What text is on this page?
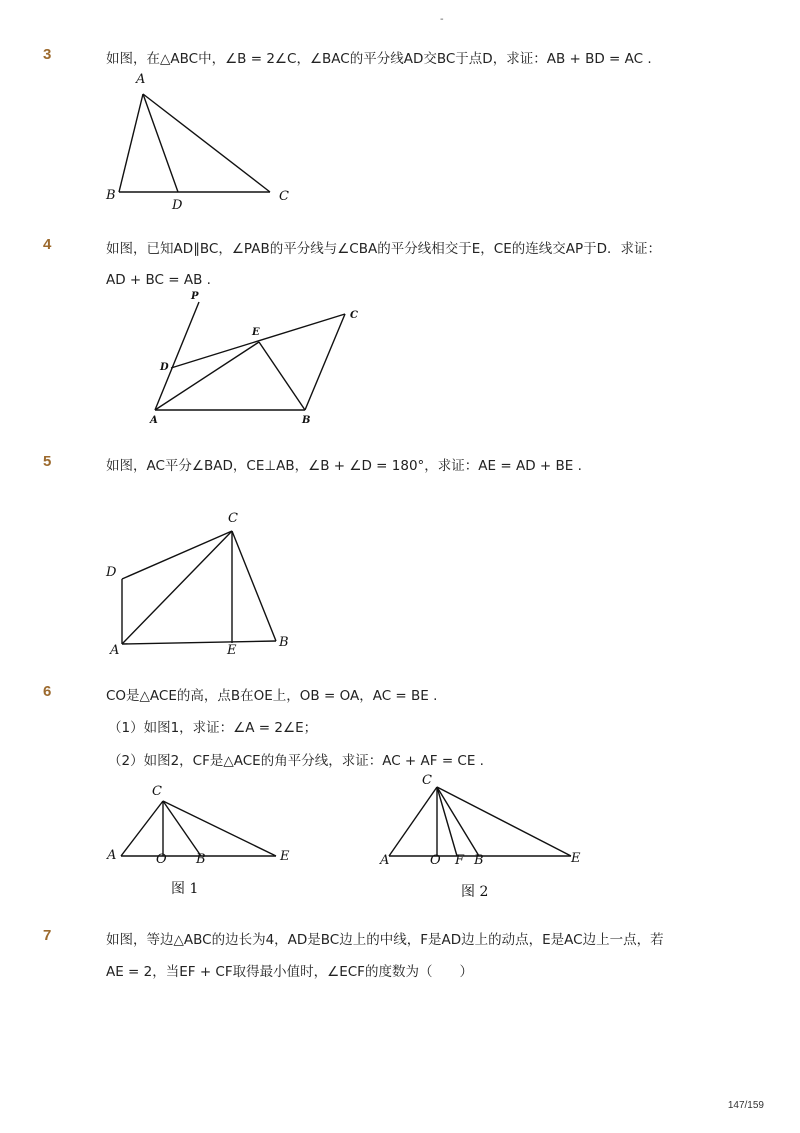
-
3	如图，在△ABC中，∠B = 2∠C，∠BAC的平分线AD交BC于点D，求证：AB + BD = AC .
A
B	C
D
4	如图，已知AD∥BC，∠PAB的平分线与∠CBA的平分线相交于E，CE的连线交AP于D．求证：
AD + BC = AB .
P
E
C
D
A	B
5	如图，AC平分∠BAD，CE⊥AB，∠B + ∠D = 180°，求证：AE = AD + BE .
C
D
A	E
B
6	CO是△ACE的高，点B在OE上，OB = OA，AC = BE .
（1）如图1，求证：∠A = 2∠E；
（2）如图2，CF是△ACE的角平分线，求证：AC + AF = CE .
C
A	O B	E
图 1
C
A	O F B	E
图 2
7	如图，等边△ABC的边长为4，AD是BC边上的中线，F是AD边上的动点，E是AC边上一点，若
AE = 2，当EF + CF取得最小值时，∠ECF的度数为（　　）
147/159
